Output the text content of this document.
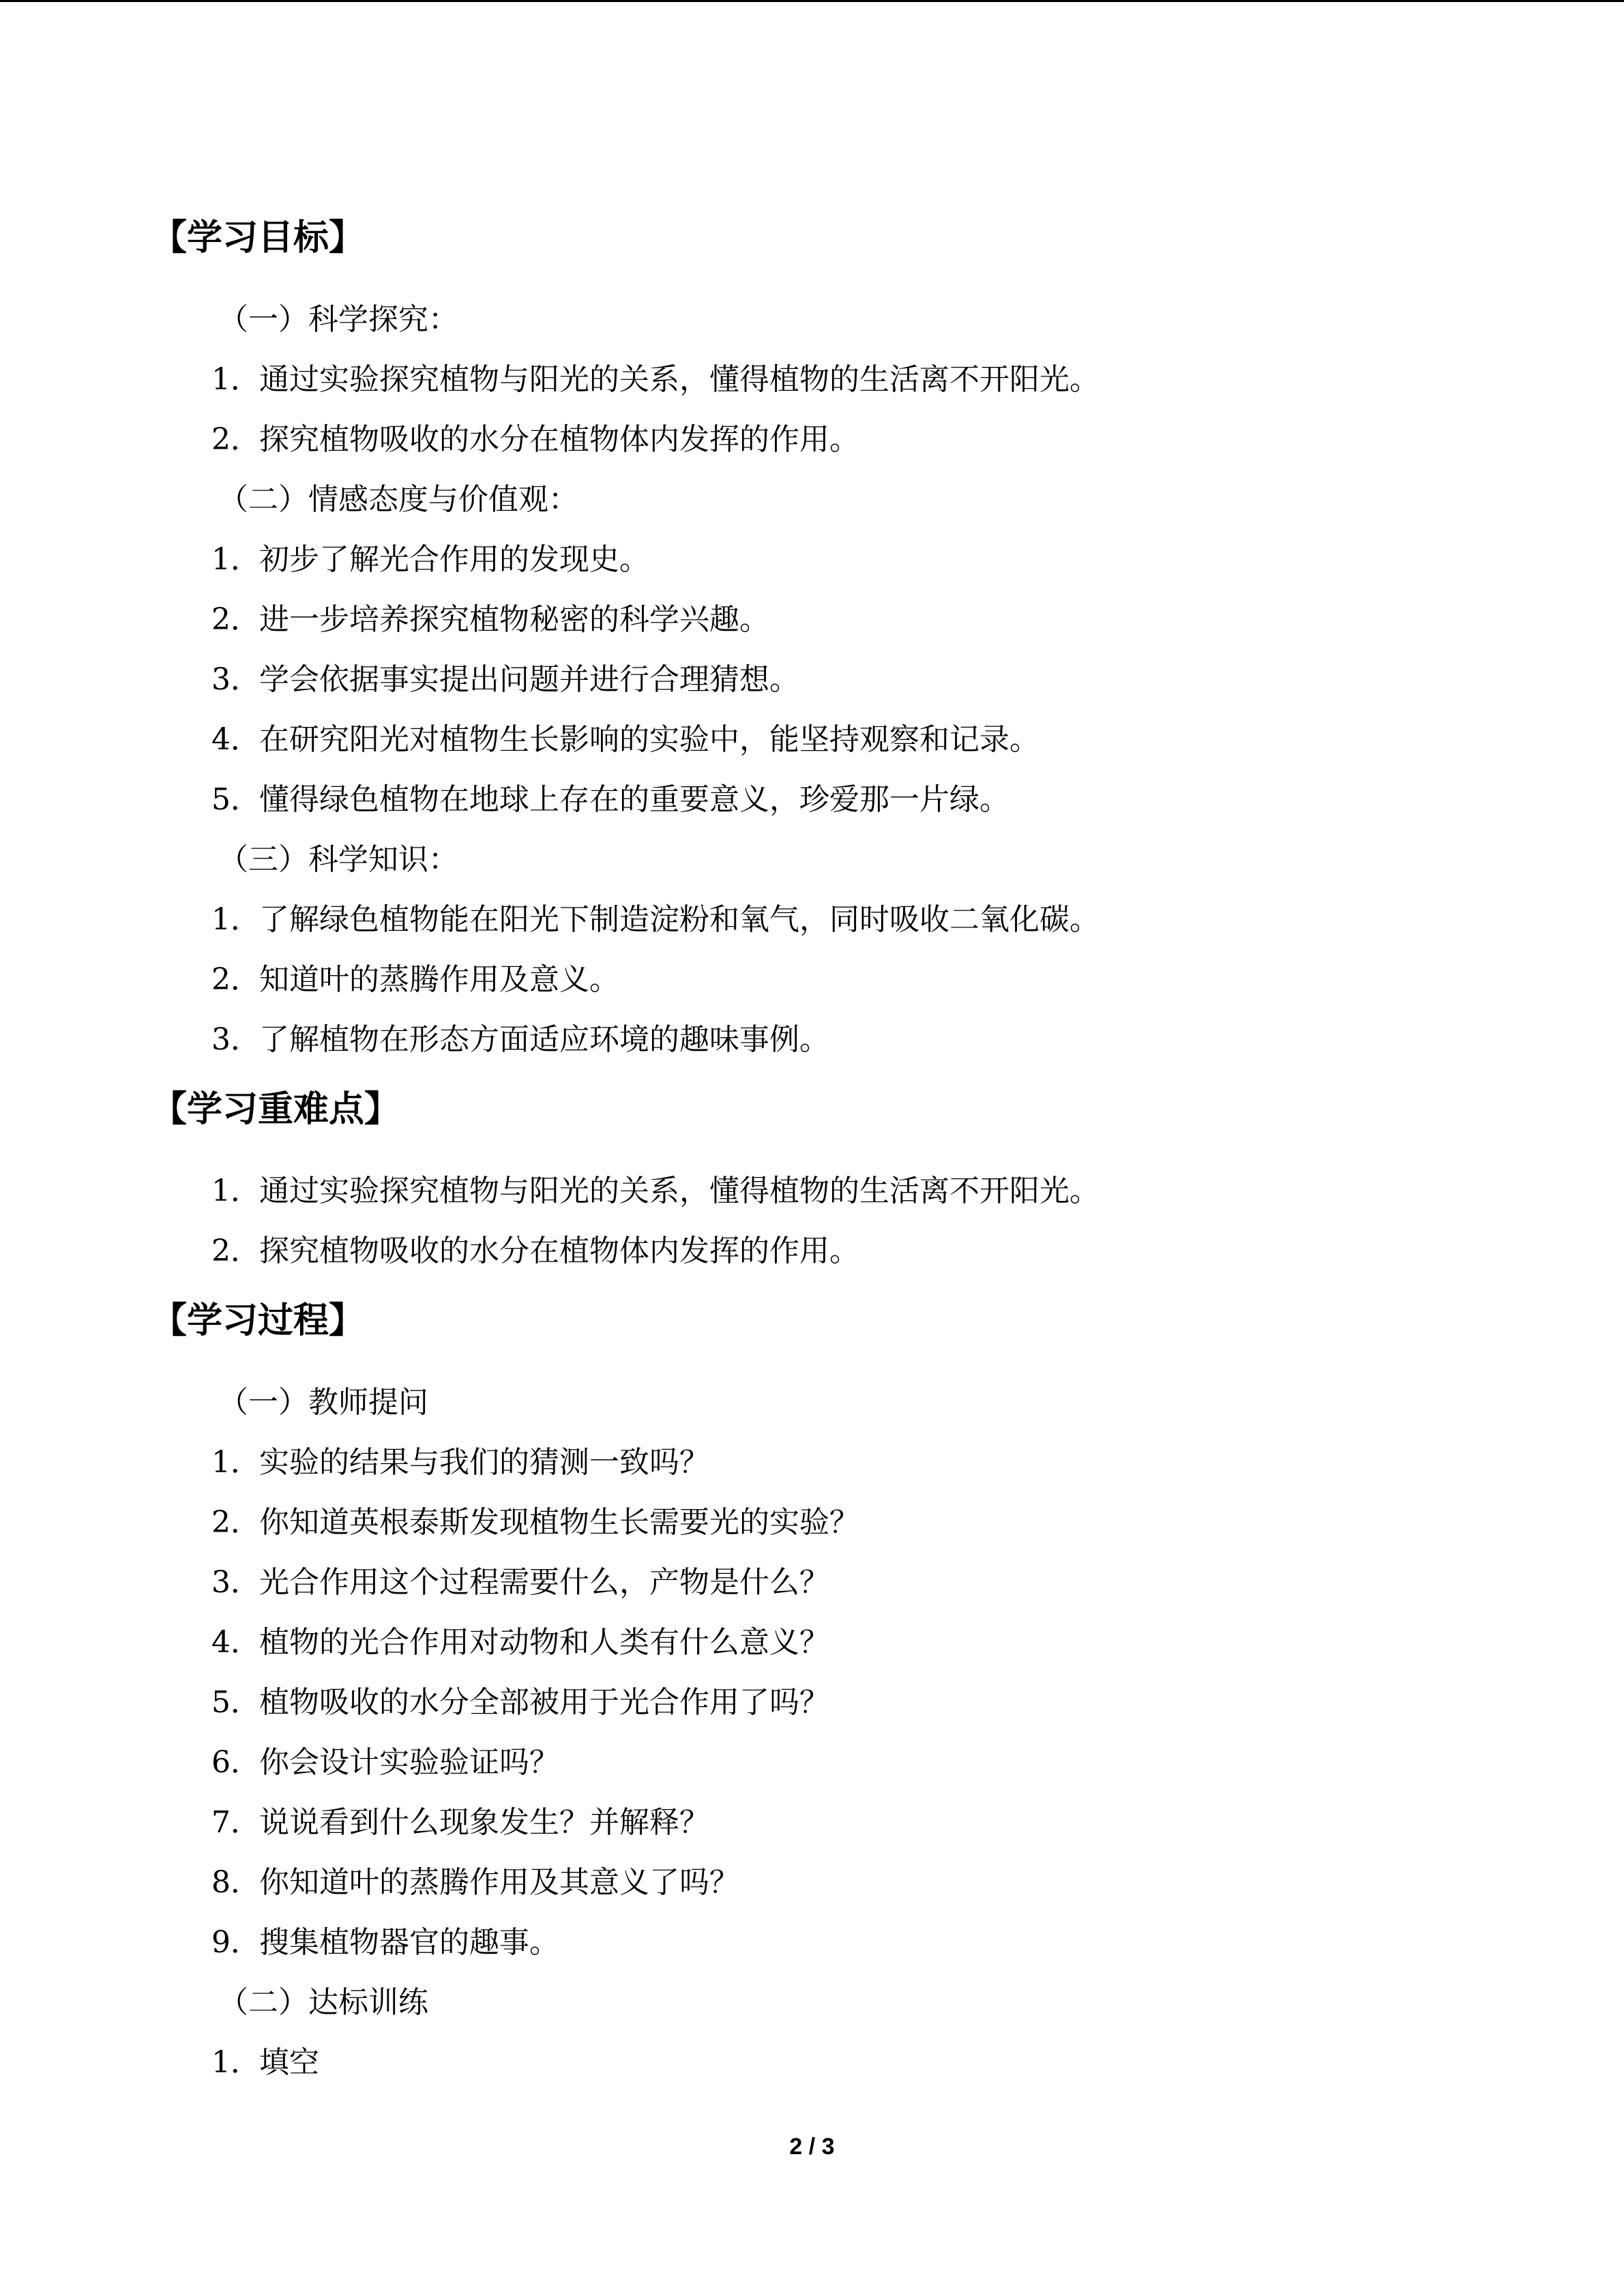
【学习目标】
（一）科学探究：
1．通过实验探究植物与阳光的关系，懂得植物的生活离不开阳光。
2．探究植物吸收的水分在植物体内发挥的作用。
（二）情感态度与价值观：
1．初步了解光合作用的发现史。
2．进一步培养探究植物秘密的科学兴趣。
3．学会依据事实提出问题并进行合理猜想。
4．在研究阳光对植物生长影响的实验中，能坚持观察和记录。
5．懂得绿色植物在地球上存在的重要意义，珍爱那一片绿。
（三）科学知识：
1．了解绿色植物能在阳光下制造淀粉和氧气，同时吸收二氧化碳。
2．知道叶的蒸腾作用及意义。
3．了解植物在形态方面适应环境的趣味事例。
【学习重难点】
1．通过实验探究植物与阳光的关系，懂得植物的生活离不开阳光。
2．探究植物吸收的水分在植物体内发挥的作用。
【学习过程】
（一）教师提问
1．实验的结果与我们的猜测一致吗？
2．你知道英根泰斯发现植物生长需要光的实验？
3．光合作用这个过程需要什么，产物是什么？
4．植物的光合作用对动物和人类有什么意义？
5．植物吸收的水分全部被用于光合作用了吗？
6．你会设计实验验证吗？
7．说说看到什么现象发生？并解释？
8．你知道叶的蒸腾作用及其意义了吗？
9．搜集植物器官的趣事。
（二）达标训练
1．填空
2 / 3
